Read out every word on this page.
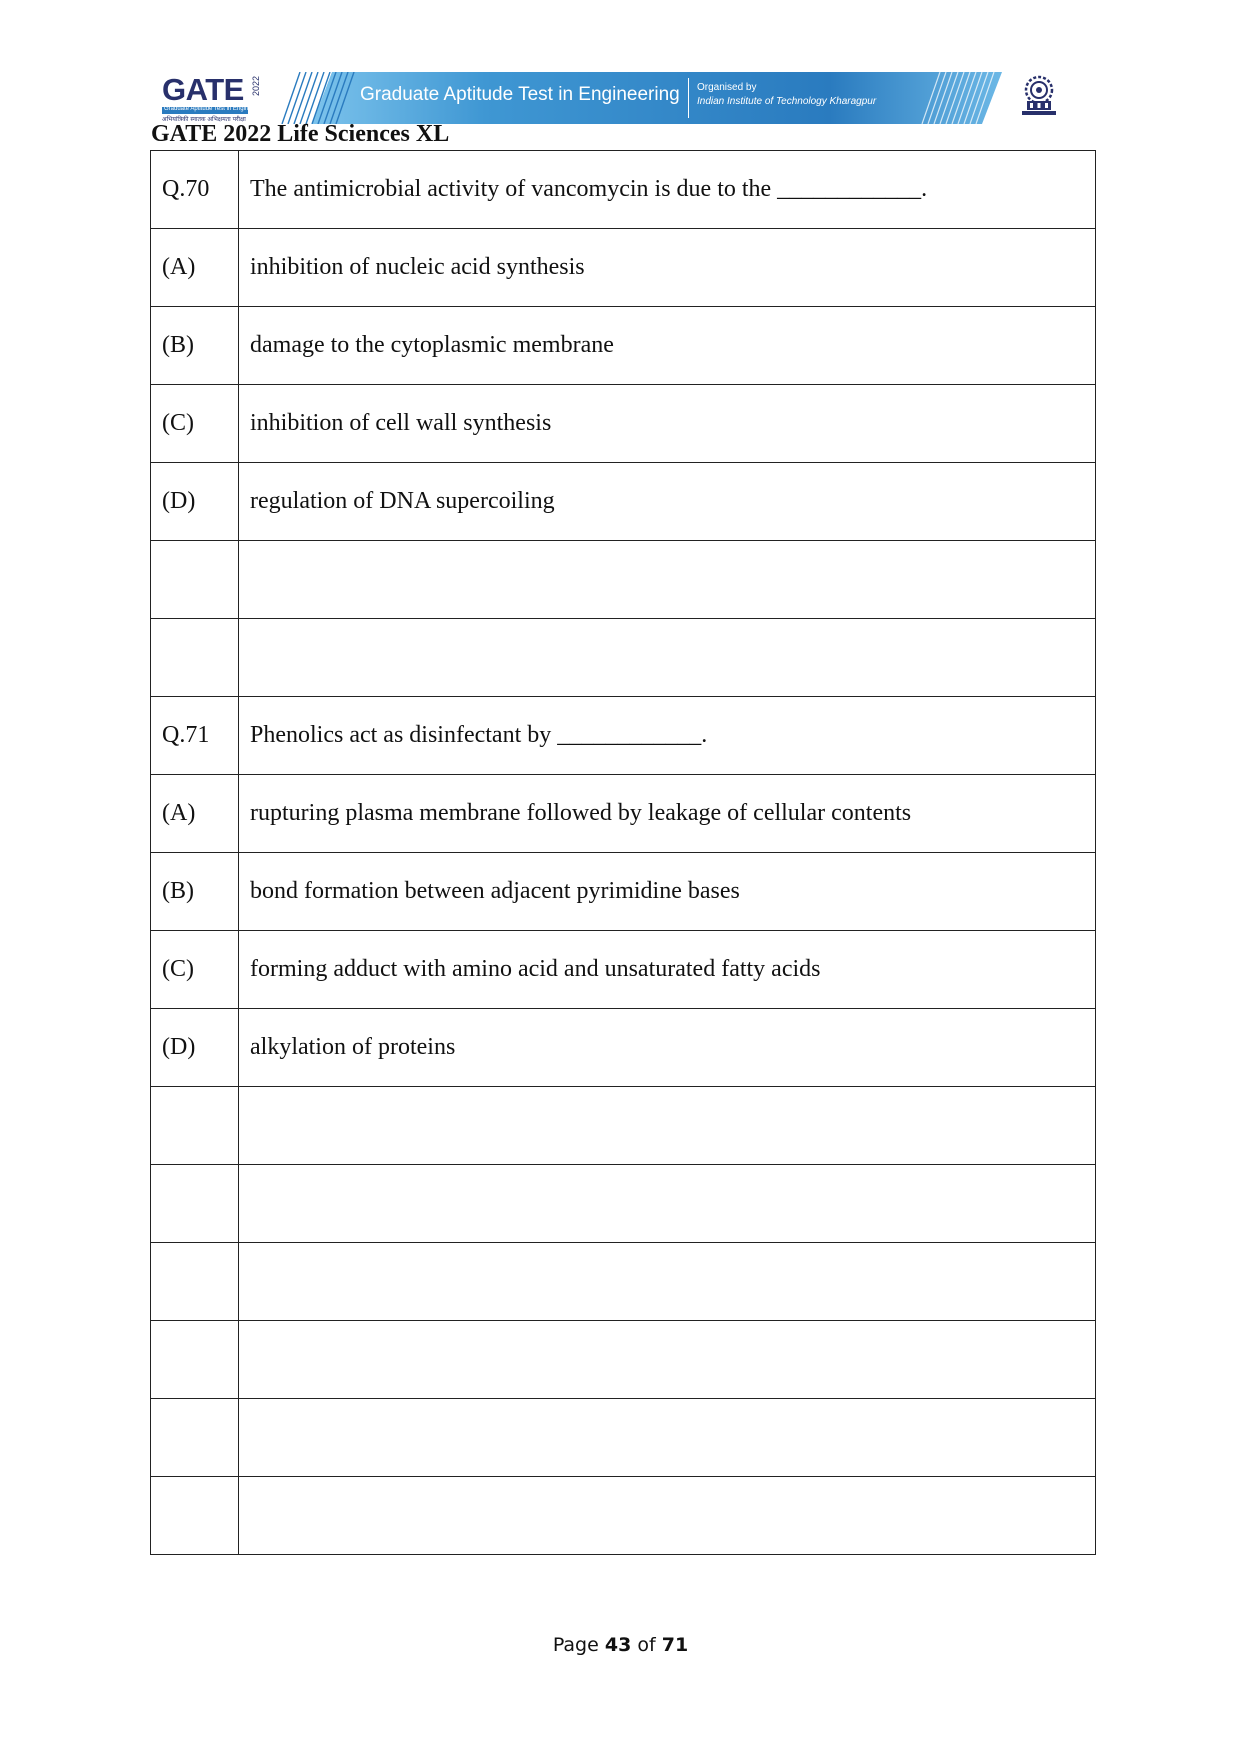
GATE 2022
Graduate Aptitude Test in Engineering
अभियांत्रिकी स्नातक अभिक्षमता परीक्षा
Graduate Aptitude Test in Engineering Organised by
Indian Institute of Technology Kharagpur
GATE 2022 Life Sciences XL
Q.70	The antimicrobial activity of vancomycin is due to the ____________.
(A)	inhibition of nucleic acid synthesis
(B)	damage to the cytoplasmic membrane
(C)	inhibition of cell wall synthesis
(D)	regulation of DNA supercoiling

Q.71	Phenolics act as disinfectant by ____________.
(A)	rupturing plasma membrane followed by leakage of cellular contents
(B)	bond formation between adjacent pyrimidine bases
(C)	forming adduct with amino acid and unsaturated fatty acids
(D)	alkylation of proteins

Page 43 of 71
